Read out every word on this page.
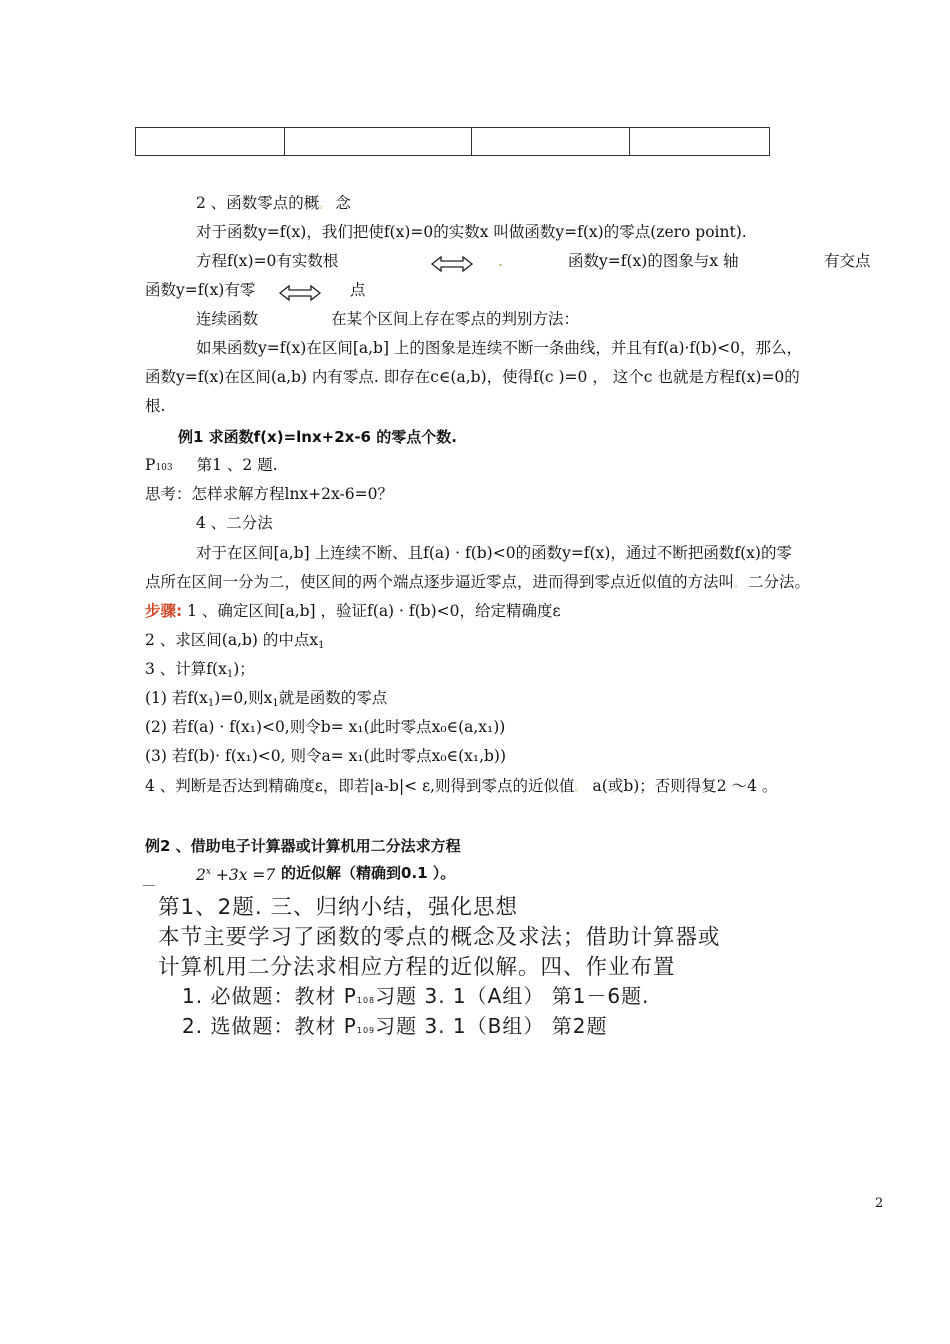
2 、函数零点的概。 念
对于函数y=f(x)，我们把使f(x)=0的实数x 叫做函数y=f(x)的零点(zero point).
方程f(x)=0有实数根	.	函数y=f(x)的图象与x 轴	有交点
函数y=f(x)有零	点
连续函数	在某个区间上存在零点的判别方法：
如果函数y=f(x)在区间[a,b] 上的图象是连续不断一条曲线，并且有f(a)·f(b)<0，那么，
函数y=f(x)在区间(a,b) 内有零点. 即存在c∈(a,b)，使得f(c )=0 ， 这个c 也就是方程f(x)=0的
根.
例1 求函数f(x)=lnx+2x-6 的零点个数.
P103 第1 、2 题.
思考：怎样求解方程lnx+2x-6=0？
4 、二分法
对于在区间[a,b] 上连续不断、且f(a) · f(b)<0的函数y=f(x)，通过不断把函数f(x)的零
点所在区间一分为二，使区间的两个端点逐步逼近零点，进而得到零点近似值的方法叫。 二分法。
步骤: 1 、确定区间[a,b] ，验证f(a) · f(b)<0，给定精确度ε
2 、求区间(a,b) 的中点$x_1$
3 、计算$f(x_1)$；
(1) 若$f(x_1)=0$,则$x_1$就是函数的零点
(2) 若f(a) · f(x₁)<0,则令b= x₁(此时零点x₀∈(a,x₁))
(3) 若f(b)· f(x₁)<0, 则令a= x₁(此时零点x₀∈(x₁,b))
4 、判断是否达到精确度ε，即若|a-b|< ε,则得到零点的近似值。 a(或b)；否则得复2 ～4 。
例2 、借助电子计算器或计算机用二分法求方程
$2^x +3x =7$ 的近似解（精确到0.1 ）。
第1、2题. 三、归纳小结，强化思想
本节主要学习了函数的零点的概念及求法；借助计算器或
计算机用二分法求相应方程的近似解。四、作业布置
1. 必做题：教材 P108习题 3. 1（A组） 第1－6题.
2. 选做题：教材 P109习题 3. 1（B组） 第2题
2
